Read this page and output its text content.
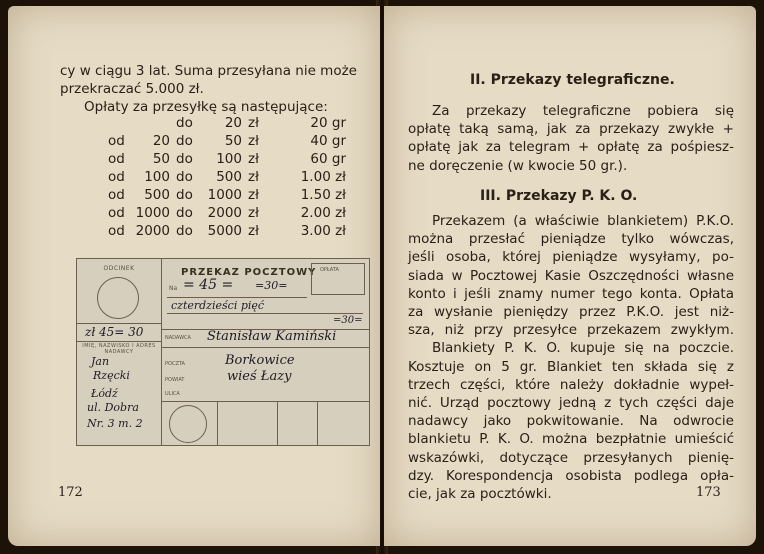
cy w ciągu 3 lat. Suma przesyłana nie może
przekraczać 5.000 zł.
Opłaty za przesyłkę są następujące:
do	20 zł	20 gr
od	20 do	50 zł	40 gr
od	50 do	100 zł	60 gr
od	100 do	500 zł	1.00 zł
od	500 do	1000 zł	1.50 zł
od 1000 do	2000 zł	2.00 zł
od 2000 do	5000 zł	3.00 zł
ODCINEK
zł 45= 30
IMIĘ, NAZWISKO I ADRES NADAWCY
Jan
Rzęcki
Łódź
ul. Dobra
Nr. 3 m. 2
PRZEKAZ POCZTOWY OPŁATA
Na = 45 = =30=
czterdzieści pięć
=30=
NADAWCA Stanisław Kamiński
POCZTA	Borkowice
POWIAT	wieś Łazy
ULICA
172
II. Przekazy telegraficzne.
Za przekazy telegraficzne pobiera się
opłatę taką samą, jak za przekazy zwykłe +
opłatę jak za telegram + opłatę za pośpiesz-
ne doręczenie (w kwocie 50 gr.).
III. Przekazy P. K. O.
Przekazem (a właściwie blankietem) P.K.O.
można przesłać pieniądze tylko wówczas,
jeśli osoba, której pieniądze wysyłamy, po-
siada w Pocztowej Kasie Oszczędności własne
konto i jeśli znamy numer tego konta. Opłata
za wysłanie pieniędzy przez P.K.O. jest niż-
sza, niż przy przesyłce przekazem zwykłym.
Blankiety P. K. O. kupuje się na poczcie.
Kosztuje on 5 gr. Blankiet ten składa się z
trzech części, które należy dokładnie wypeł-
nić. Urząd pocztowy jedną z tych części daje
nadawcy jako pokwitowanie. Na odwrocie
blankietu P. K. O. można bezpłatnie umieścić
wskazówki, dotyczące przesyłanych pienię-
dzy. Korespondencja osobista podlega opła-
cie, jak za pocztówki.	173
